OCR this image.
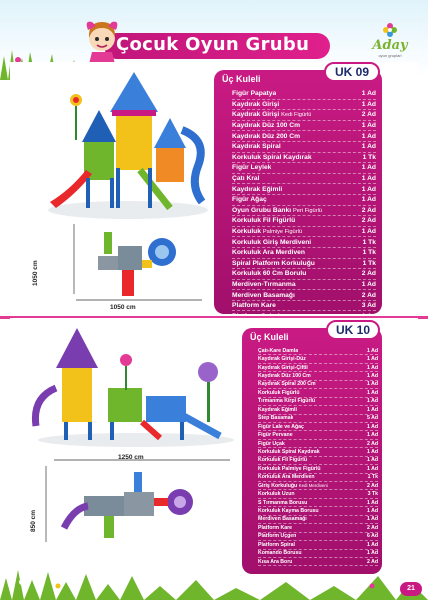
Çocuk Oyun Grubu	Aday
oyun gruplari
1050 cm
1050 cm
Üç Kuleli	UK 09
Figür Papatya	1 Ad
Kaydırak Girişi	1 Ad
Kaydırak Girişi Kedi Figürlü	2 Ad
Kaydırak Düz 100 Cm	1 Ad
Kaydırak Düz 200 Cm	1 Ad
Kaydırak Spiral	1 Ad
Korkuluk Spiral Kaydırak	1 Tk
Figür Leylek	1 Ad
Çatı Kral	1 Ad
Kaydırak Eğimli	1 Ad
Figür Ağaç	1 Ad
Oyun Grubu Bankı Peri Figürlü	2 Ad
Korkuluk Fil Figürlü	2 Ad
Korkuluk Palmiye Figürlü	1 Ad
Korkuluk Giriş Merdiveni	1 Tk
Korkuluk Ara Merdiven	1 Tk
Spiral Platform Korkuluğu	1 Tk
Korkuluk 60 Cm Borulu	2 Ad
Merdiven-Tırmanma	1 Ad
Merdiven Basamağı	2 Ad
Platform Kare	3 Ad
1250 cm
850 cm
Üç Kuleli	UK 10
Çatı-Kare Damla	1 Ad
Kaydırak Girişi-Düz	1 Ad
Kaydırak Girişi-Çiftli	1 Ad
Kaydırak Düz 100 Cm	1 Ad
Kaydırak Spiral 200 Cm	1 Ad
Korkuluk Figürlü	1 Ad
Tırmanma Kirpi Figürlü	1 Ad
Kaydırak Eğimli	1 Ad
Step Basamak	5 Ad
Figür Lale ve Ağaç	1 Ad
Figür Pervane	1 Ad
Figür Uçak	2 Ad
Korkuluk Spiral Kaydırak	1 Ad
Korkuluk Fil Figürlü	1 Ad
Korkuluk Palmiye Figürlü	1 Ad
Korkuluk Ara Merdiven	1 Tk
Giriş Korkuluğu Kedi Merdiveni	2 Ad
Korkuluk Uzun	3 Tk
S Tırmanma Borusu	1 Ad
Korkuluk Kayma Borusu	1 Ad
Merdiven Basamağı	1 Ad
Platform Kare	2 Ad
Platform Üçgen	6 Ad
Platform Spiral	1 Ad
Komando Borusu	1 Ad
Kısa Ara Boru	2 Ad
21
